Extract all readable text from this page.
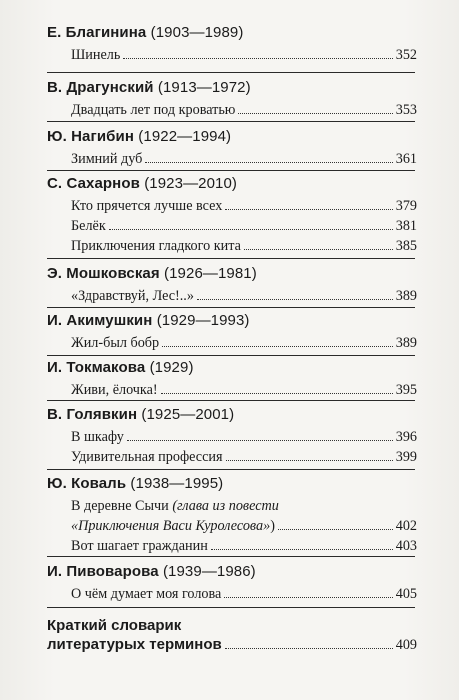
Е. Благинина (1903—1989)

Шинель	352

В. Драгунский (1913—1972)

Двадцать лет под кроватью	353

Ю. Нагибин (1922—1994)

Зимний дуб	361

С. Сахарнов (1923—2010)

Кто прячется лучше всех	379
Белёк	381
Приключения гладкого кита	385

Э. Мошковская (1926—1981)

«Здравствуй, Лес!..»	389

И. Акимушкин (1929—1993)

Жил-был бобр	389

И. Токмакова (1929)

Живи, ёлочка!	395

В. Голявкин (1925—2001)

В шкафу	396
Удивительная профессия	399

Ю. Коваль (1938—1995)

В деревне Сычи (глава из повести
«Приключения Васи Куролесова»)	402
Вот шагает гражданин	403

И. Пивоварова (1939—1986)

О чём думает моя голова	405
Краткий словарик
литературых терминов	409
